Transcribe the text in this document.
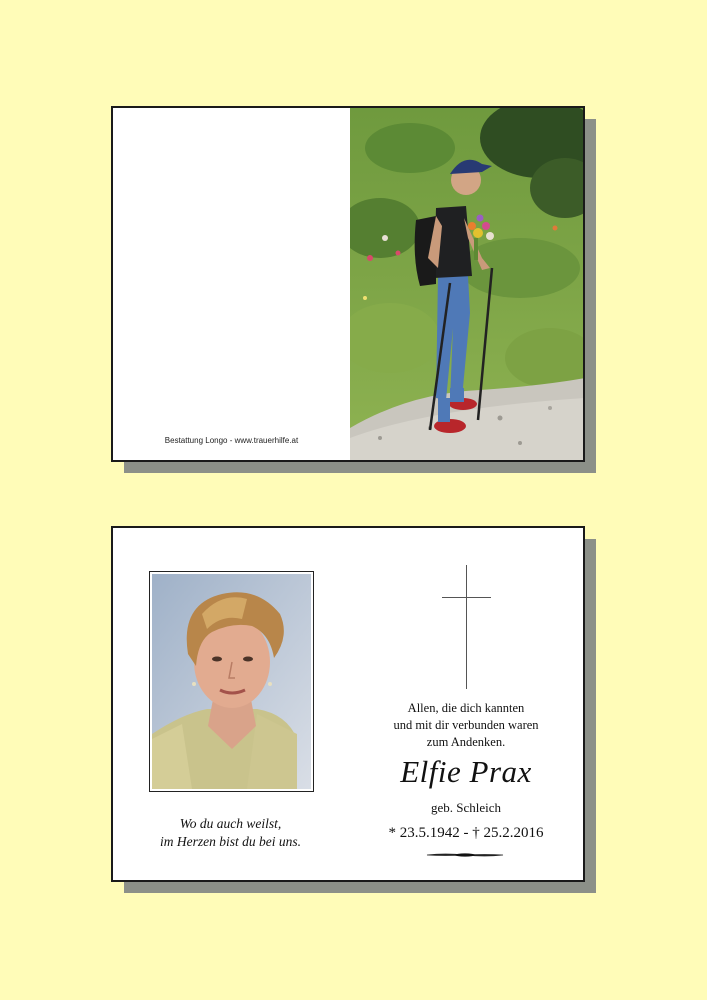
Bestattung Longo - www.trauerhilfe.at
Wo du auch weilst,
im Herzen bist du bei uns.
Allen, die dich kannten
und mit dir verbunden waren
zum Andenken.
Elfie Prax
geb. Schleich
* 23.5.1942 - † 25.2.2016
